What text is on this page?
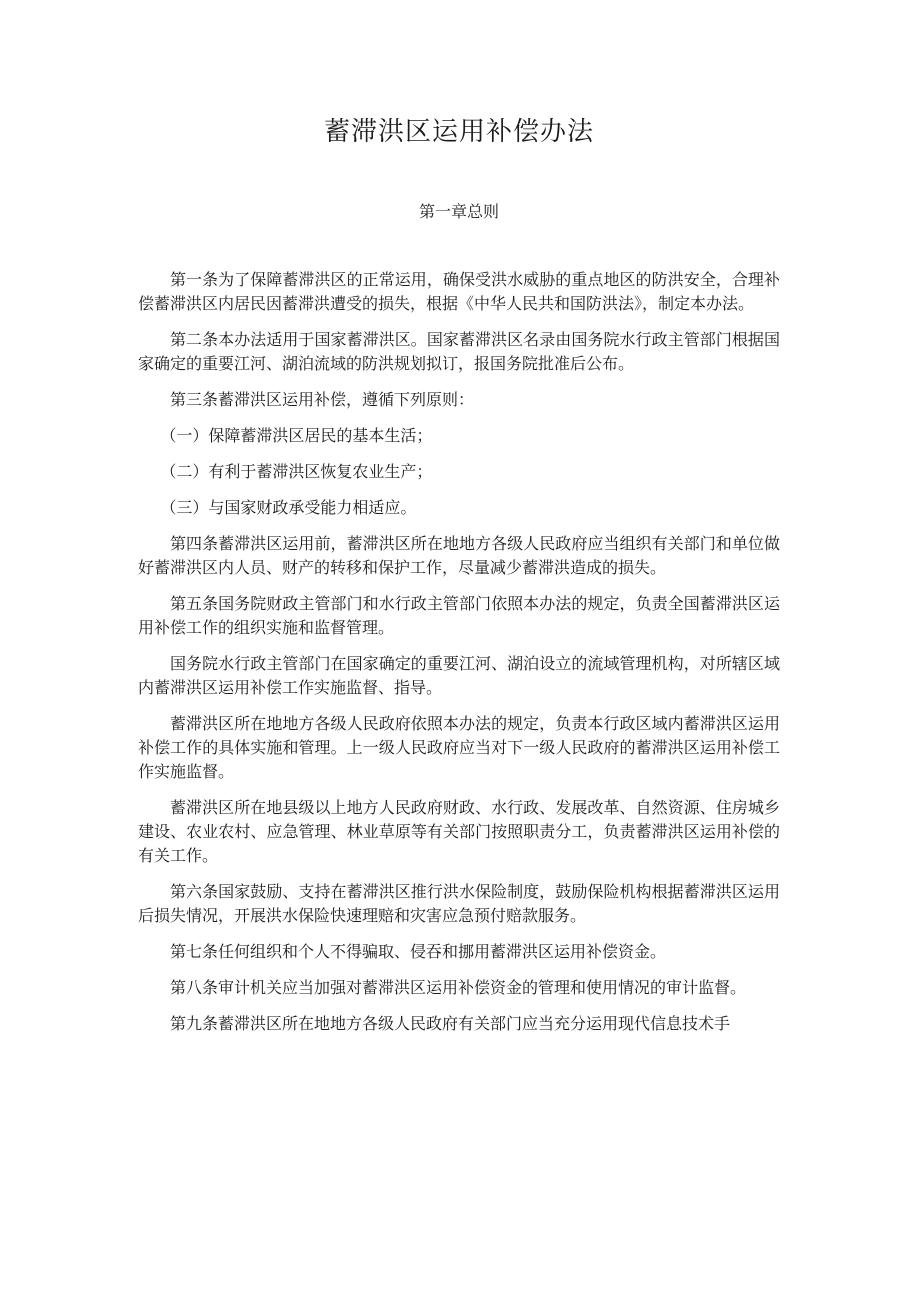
蓄滞洪区运用补偿办法
第一章总则

第一条为了保障蓄滞洪区的正常运用，确保受洪水威胁的重点地区的防洪安全，合理补偿蓄滞洪区内居民因蓄滞洪遭受的损失，根据《中华人民共和国防洪法》，制定本办法。

第二条本办法适用于国家蓄滞洪区。国家蓄滞洪区名录由国务院水行政主管部门根据国家确定的重要江河、湖泊流域的防洪规划拟订，报国务院批准后公布。

第三条蓄滞洪区运用补偿，遵循下列原则：

（一）保障蓄滞洪区居民的基本生活；

（二）有利于蓄滞洪区恢复农业生产；

（三）与国家财政承受能力相适应。

第四条蓄滞洪区运用前，蓄滞洪区所在地地方各级人民政府应当组织有关部门和单位做好蓄滞洪区内人员、财产的转移和保护工作，尽量减少蓄滞洪造成的损失。

第五条国务院财政主管部门和水行政主管部门依照本办法的规定，负责全国蓄滞洪区运用补偿工作的组织实施和监督管理。

国务院水行政主管部门在国家确定的重要江河、湖泊设立的流域管理机构，对所辖区域内蓄滞洪区运用补偿工作实施监督、指导。

蓄滞洪区所在地地方各级人民政府依照本办法的规定，负责本行政区域内蓄滞洪区运用补偿工作的具体实施和管理。上一级人民政府应当对下一级人民政府的蓄滞洪区运用补偿工作实施监督。

蓄滞洪区所在地县级以上地方人民政府财政、水行政、发展改革、自然资源、住房城乡建设、农业农村、应急管理、林业草原等有关部门按照职责分工，负责蓄滞洪区运用补偿的有关工作。

第六条国家鼓励、支持在蓄滞洪区推行洪水保险制度，鼓励保险机构根据蓄滞洪区运用后损失情况，开展洪水保险快速理赔和灾害应急预付赔款服务。

第七条任何组织和个人不得骗取、侵吞和挪用蓄滞洪区运用补偿资金。

第八条审计机关应当加强对蓄滞洪区运用补偿资金的管理和使用情况的审计监督。

第九条蓄滞洪区所在地地方各级人民政府有关部门应当充分运用现代信息技术手
